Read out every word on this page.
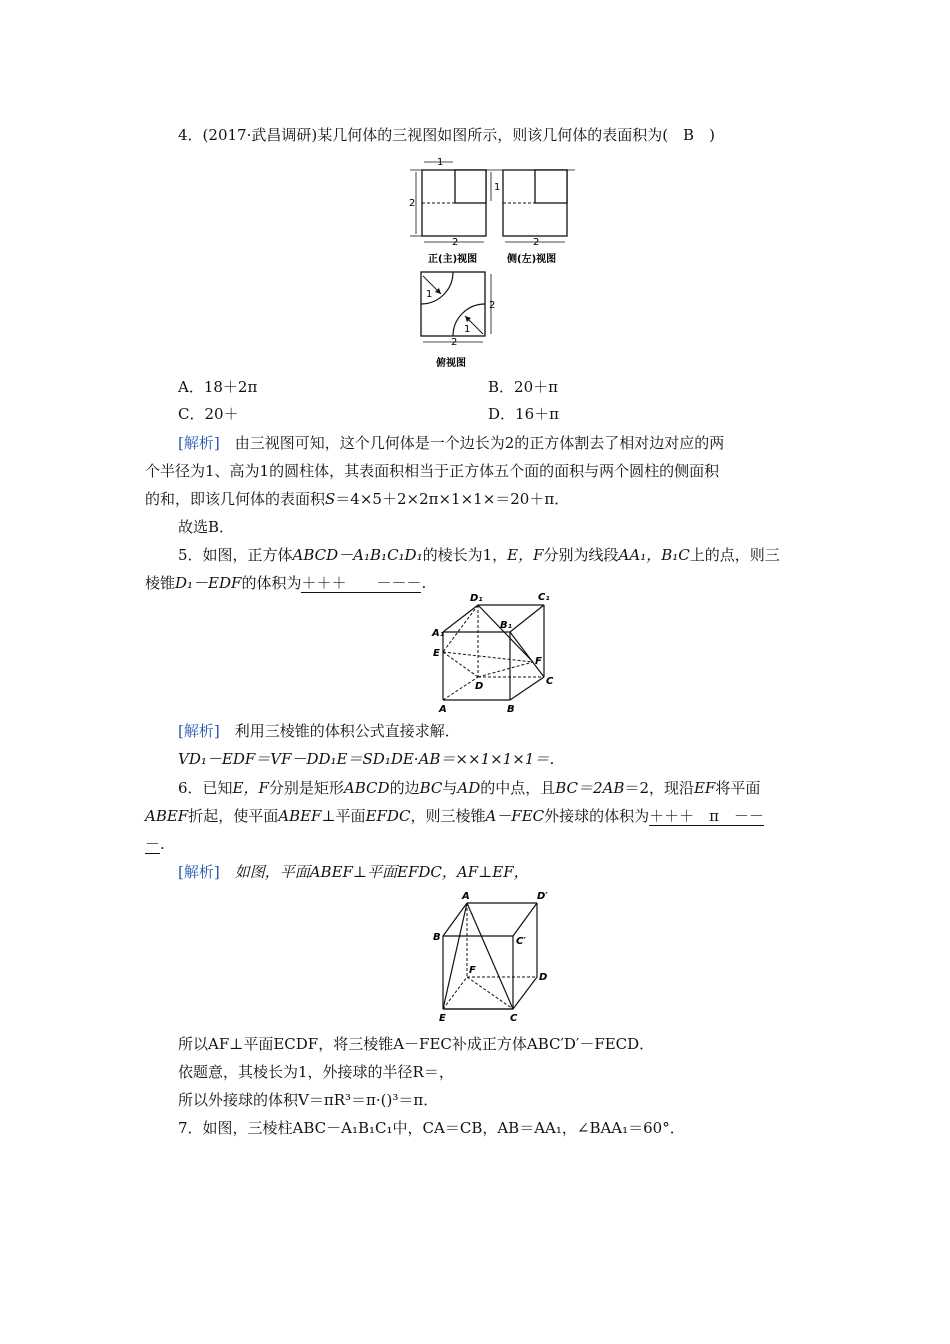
4．(2017·武昌调研)某几何体的三视图如图所示，则该几何体的表面积为(　B　)
1
2
1
2
正(主)视图
2
侧(左)视图
1
1
2
2
俯视图
A．18＋2π	B．20＋π
C．20＋	D．16＋π
[解析]　由三视图可知，这个几何体是一个边长为2的正方体割去了相对边对应的两
个半径为1、高为1的圆柱体，其表面积相当于正方体五个面的面积与两个圆柱的侧面积
的和，即该几何体的表面积S＝4×5＋2×2π×1×1×＝20＋π．
故选B．
5．如图，正方体ABCD－A₁B₁C₁D₁的棱长为1，E，F分别为线段AA₁，B₁C上的点，则三
棱锥D₁－EDF的体积为＋＋＋　　－－－.
D₁	C₁
A₁
B₁
E
F
D	C
A	B
[解析]　利用三棱锥的体积公式直接求解．
VD₁－EDF＝VF－DD₁E＝SD₁DE·AB＝××1×1×1＝．
6．已知E，F分别是矩形ABCD的边BC与AD的中点，且BC＝2AB＝2，现沿EF将平面
ABEF折起，使平面ABEF⊥平面EFDC，则三棱锥A－FEC外接球的体积为＋＋＋　π　－－
－.
[解析]　如图，平面ABEF⊥平面EFDC，AF⊥EF，
A	D′
B	C′
F
D
E	C
所以AF⊥平面ECDF，将三棱锥A－FEC补成正方体ABC′D′－FECD．
依题意，其棱长为1，外接球的半径R＝，
所以外接球的体积V＝πR³＝π·()³＝π．
7．如图，三棱柱ABC－A₁B₁C₁中，CA＝CB，AB＝AA₁，∠BAA₁＝60°．
